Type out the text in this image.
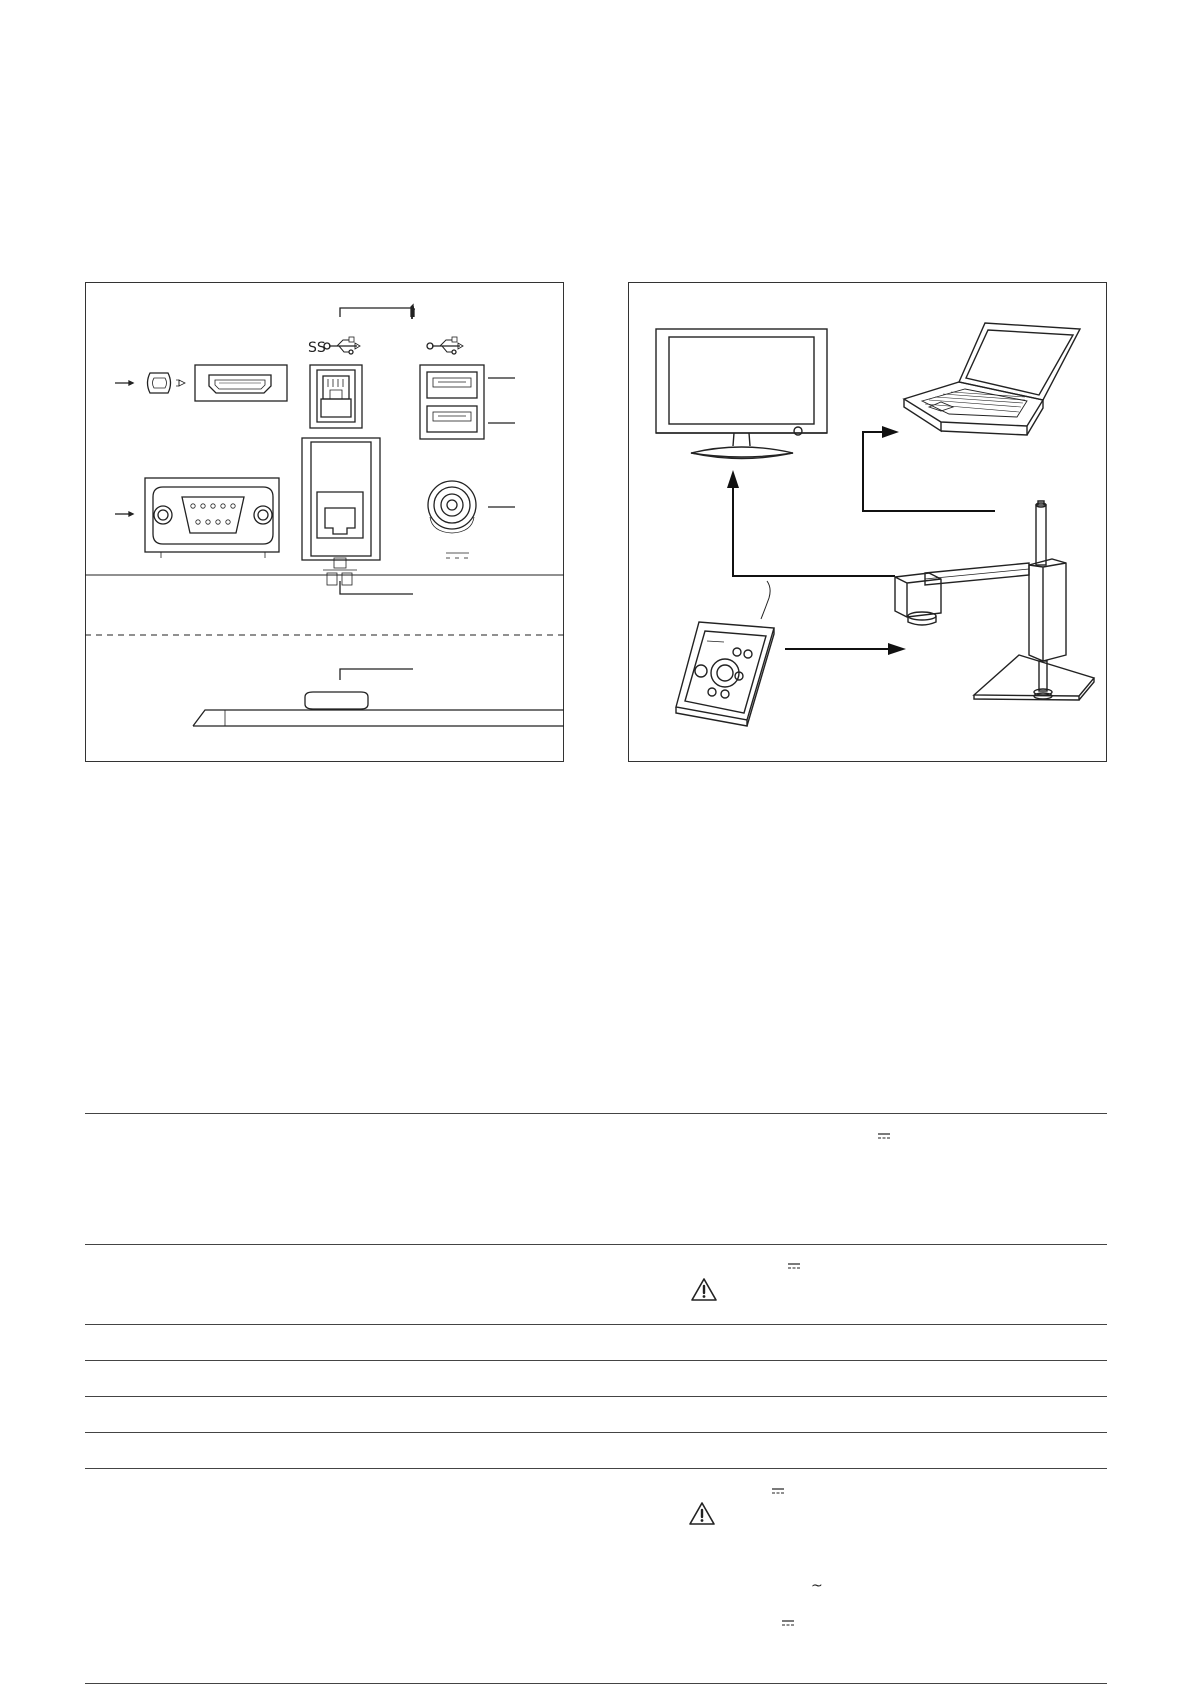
SS
~
